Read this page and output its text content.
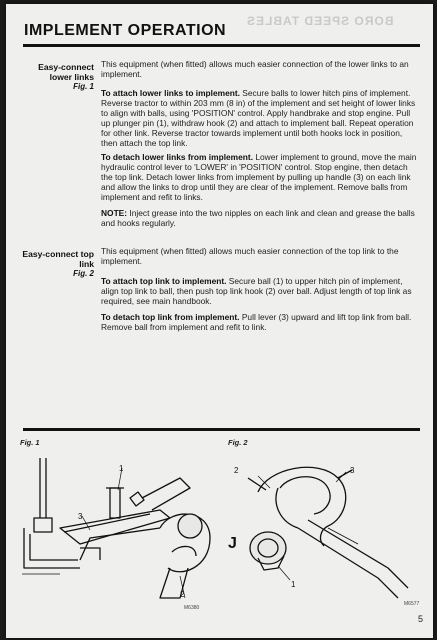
BORO SPEED TABLES
IMPLEMENT OPERATION
Easy-connect lower links
Fig. 1
This equipment (when fitted) allows much easier connection of the lower links to an implement.
To attach lower links to implement. Secure balls to lower hitch pins of implement. Reverse tractor to within 203 mm (8 in) of the implement and set height of lower links to align with balls, using 'POSITION' control. Apply handbrake and stop engine. Pull up plunger pin (1), withdraw hook (2) and attach to implement ball. Repeat operation for other link. Reverse tractor towards implement until both hooks lock in position, then attach the top link.
To detach lower links from implement. Lower implement to ground, move the main hydraulic control lever to 'LOWER' in 'POSITION' control. Stop engine, then detach the top link. Detach lower links from implement by pulling up handle (3) on each link and allow the links to drop until they are clear of the implement. Remove balls from implement and refit to links.
NOTE: Inject grease into the two nipples on each link and clean and grease the balls and hooks regularly.
Easy-connect top link
Fig. 2
This equipment (when fitted) allows much easier connection of the top link to the implement.
To attach top link to implement. Secure ball (1) to upper hitch pin of implement, align top link to ball, then push top link hook (2) over ball. Adjust length of top link as required, see main handbook.
To detach top link from implement. Pull lever (3) upward and lift top link from ball. Remove ball from implement and refit to link.
Fig. 1	Fig. 2
3
1
2
M6380
J
2	3
1
M6577
5
